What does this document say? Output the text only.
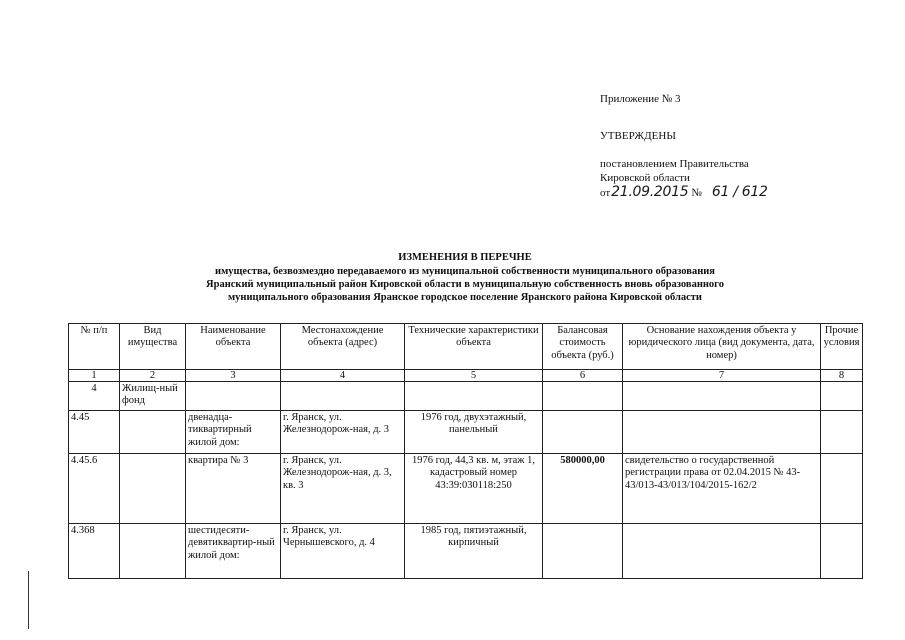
Приложение № 3
УТВЕРЖДЕНЫ
постановлением Правительства
Кировской области
от 21.09.2015 № 61 / 612
ИЗМЕНЕНИЯ В ПЕРЕЧНЕ
имущества, безвозмездно передаваемого из муниципальной собственности муниципального образования
Яранский муниципальный район Кировской области в муниципальную собственность вновь образованного
муниципального образования Яранское городское поселение Яранского района Кировской области
№ п/п	Вид имущества	Наименование объекта	Местонахождение объекта (адрес)	Технические характеристики объекта	Балансовая стоимость объекта (руб.)	Основание нахождения объекта у юридического лица (вид документа, дата, номер)	Прочие условия
1	2	3	4	5	6	7	8
4	Жилищ-ный фонд						
4.45		двенадца-тиквартирный жилой дом:	г. Яранск, ул. Железнодорож-ная, д. 3	1976 год, двухэтажный, панельный			
4.45.6		квартира № 3	г. Яранск, ул. Железнодорож-ная, д. 3, кв. 3	1976 год, 44,3 кв. м, этаж 1, кадастровый номер 43:39:030118:250	580000,00	свидетельство о государственной регистрации права от 02.04.2015 № 43-43/013-43/013/104/2015-162/2	
4.368		шестидесяти-девятиквартир-ный жилой дом:	г. Яранск, ул. Чернышевского, д. 4	1985 год, пятиэтажный, кирпичный			
